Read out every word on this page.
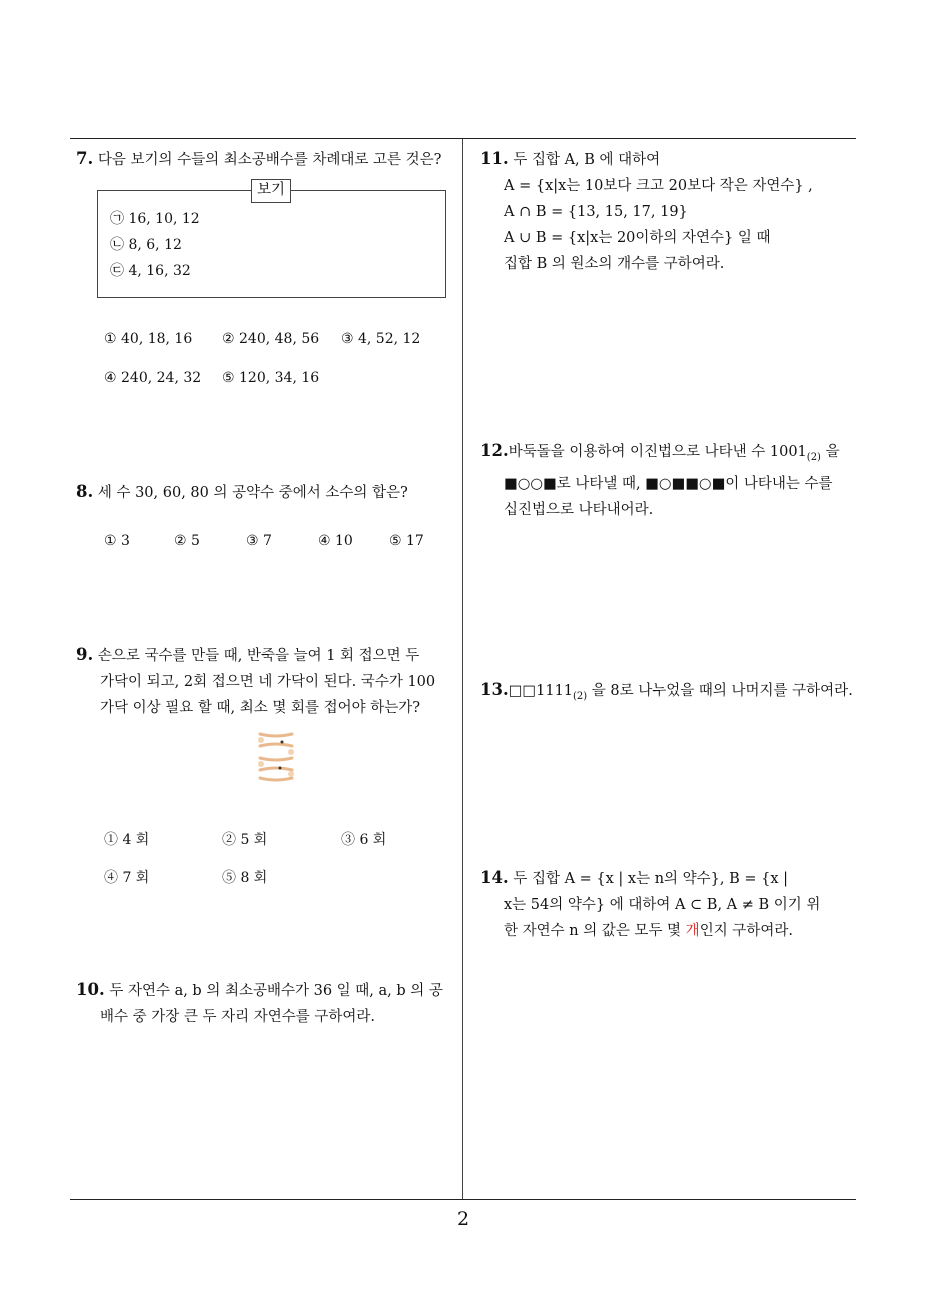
7. 다음 보기의 수들의 최소공배수를 차례대로 고른 것은?
보기
㉠ 16, 10, 12
㉡ 8, 6, 12
㉢ 4, 16, 32
① 40, 18, 16 ② 240, 48, 56 ③ 4, 52, 12
④ 240, 24, 32 ⑤ 120, 34, 16
8. 세 수 30, 60, 80 의 공약수 중에서 소수의 합은?
① 3	② 5	③ 7	④ 10	⑤ 17
9. 손으로 국수를 만들 때, 반죽을 늘여 1 회 접으면 두
가닥이 되고, 2회 접으면 네 가닥이 된다. 국수가 100
가닥 이상 필요 할 때, 최소 몇 회를 접어야 하는가?
① 4 회	② 5 회	③ 6 회
④ 7 회	⑤ 8 회
10. 두 자연수 a, b 의 최소공배수가 36 일 때, a, b 의 공
배수 중 가장 큰 두 자리 자연수를 구하여라.
11. 두 집합 A, B 에 대하여
A = {x|x는 10보다 크고 20보다 작은 자연수} ,
A ∩ B = {13, 15, 17, 19}
A ∪ B = {x|x는 20이하의 자연수} 일 때
집합 B 의 원소의 개수를 구하여라.
12.바둑돌을 이용하여 이진법으로 나타낸 수 $1001_{(2)}$ 을
■○○■로 나타낼 때, ■○■■○■이 나타내는 수를
십진법으로 나타내어라.
$13.□□1111_{(2)}$ 을 8로 나누었을 때의 나머지를 구하여라.
14. 두 집합 A = {x | x는 n의 약수}, B = {x |
x는 54의 약수} 에 대하여 A ⊂ B, A ≠ B 이기 위
한 자연수 n 의 값은 모두 몇 개인지 구하여라.
2
